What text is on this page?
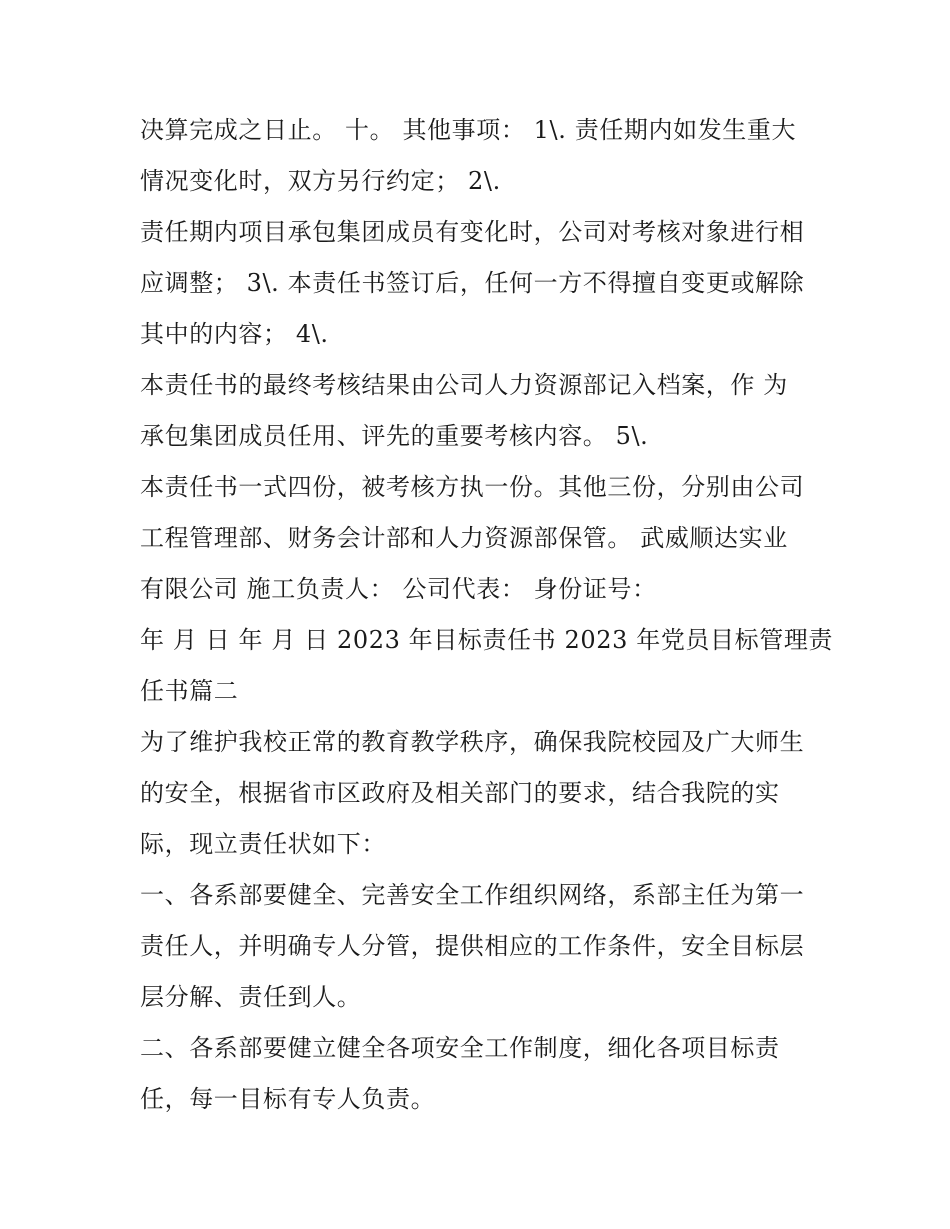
决算完成之日止。 十。 其他事项： 1\. 责任期内如发生重大
情况变化时，双方另行约定； 2\.
责任期内项目承包集团成员有变化时，公司对考核对象进行相
应调整； 3\. 本责任书签订后，任何一方不得擅自变更或解除
其中的内容； 4\.
本责任书的最终考核结果由公司人力资源部记入档案，作 为
承包集团成员任用、评先的重要考核内容。 5\.
本责任书一式四份，被考核方执一份。其他三份，分别由公司
工程管理部、财务会计部和人力资源部保管。 武威顺达实业
有限公司 施工负责人： 公司代表： 身份证号：
年 月 日 年 月 日 2023 年目标责任书 2023 年党员目标管理责
任书篇二
为了维护我校正常的教育教学秩序，确保我院校园及广大师生
的安全，根据省市区政府及相关部门的要求，结合我院的实
际，现立责任状如下：
一、各系部要健全、完善安全工作组织网络，系部主任为第一
责任人，并明确专人分管，提供相应的工作条件，安全目标层
层分解、责任到人。
二、各系部要健立健全各项安全工作制度，细化各项目标责
任，每一目标有专人负责。
